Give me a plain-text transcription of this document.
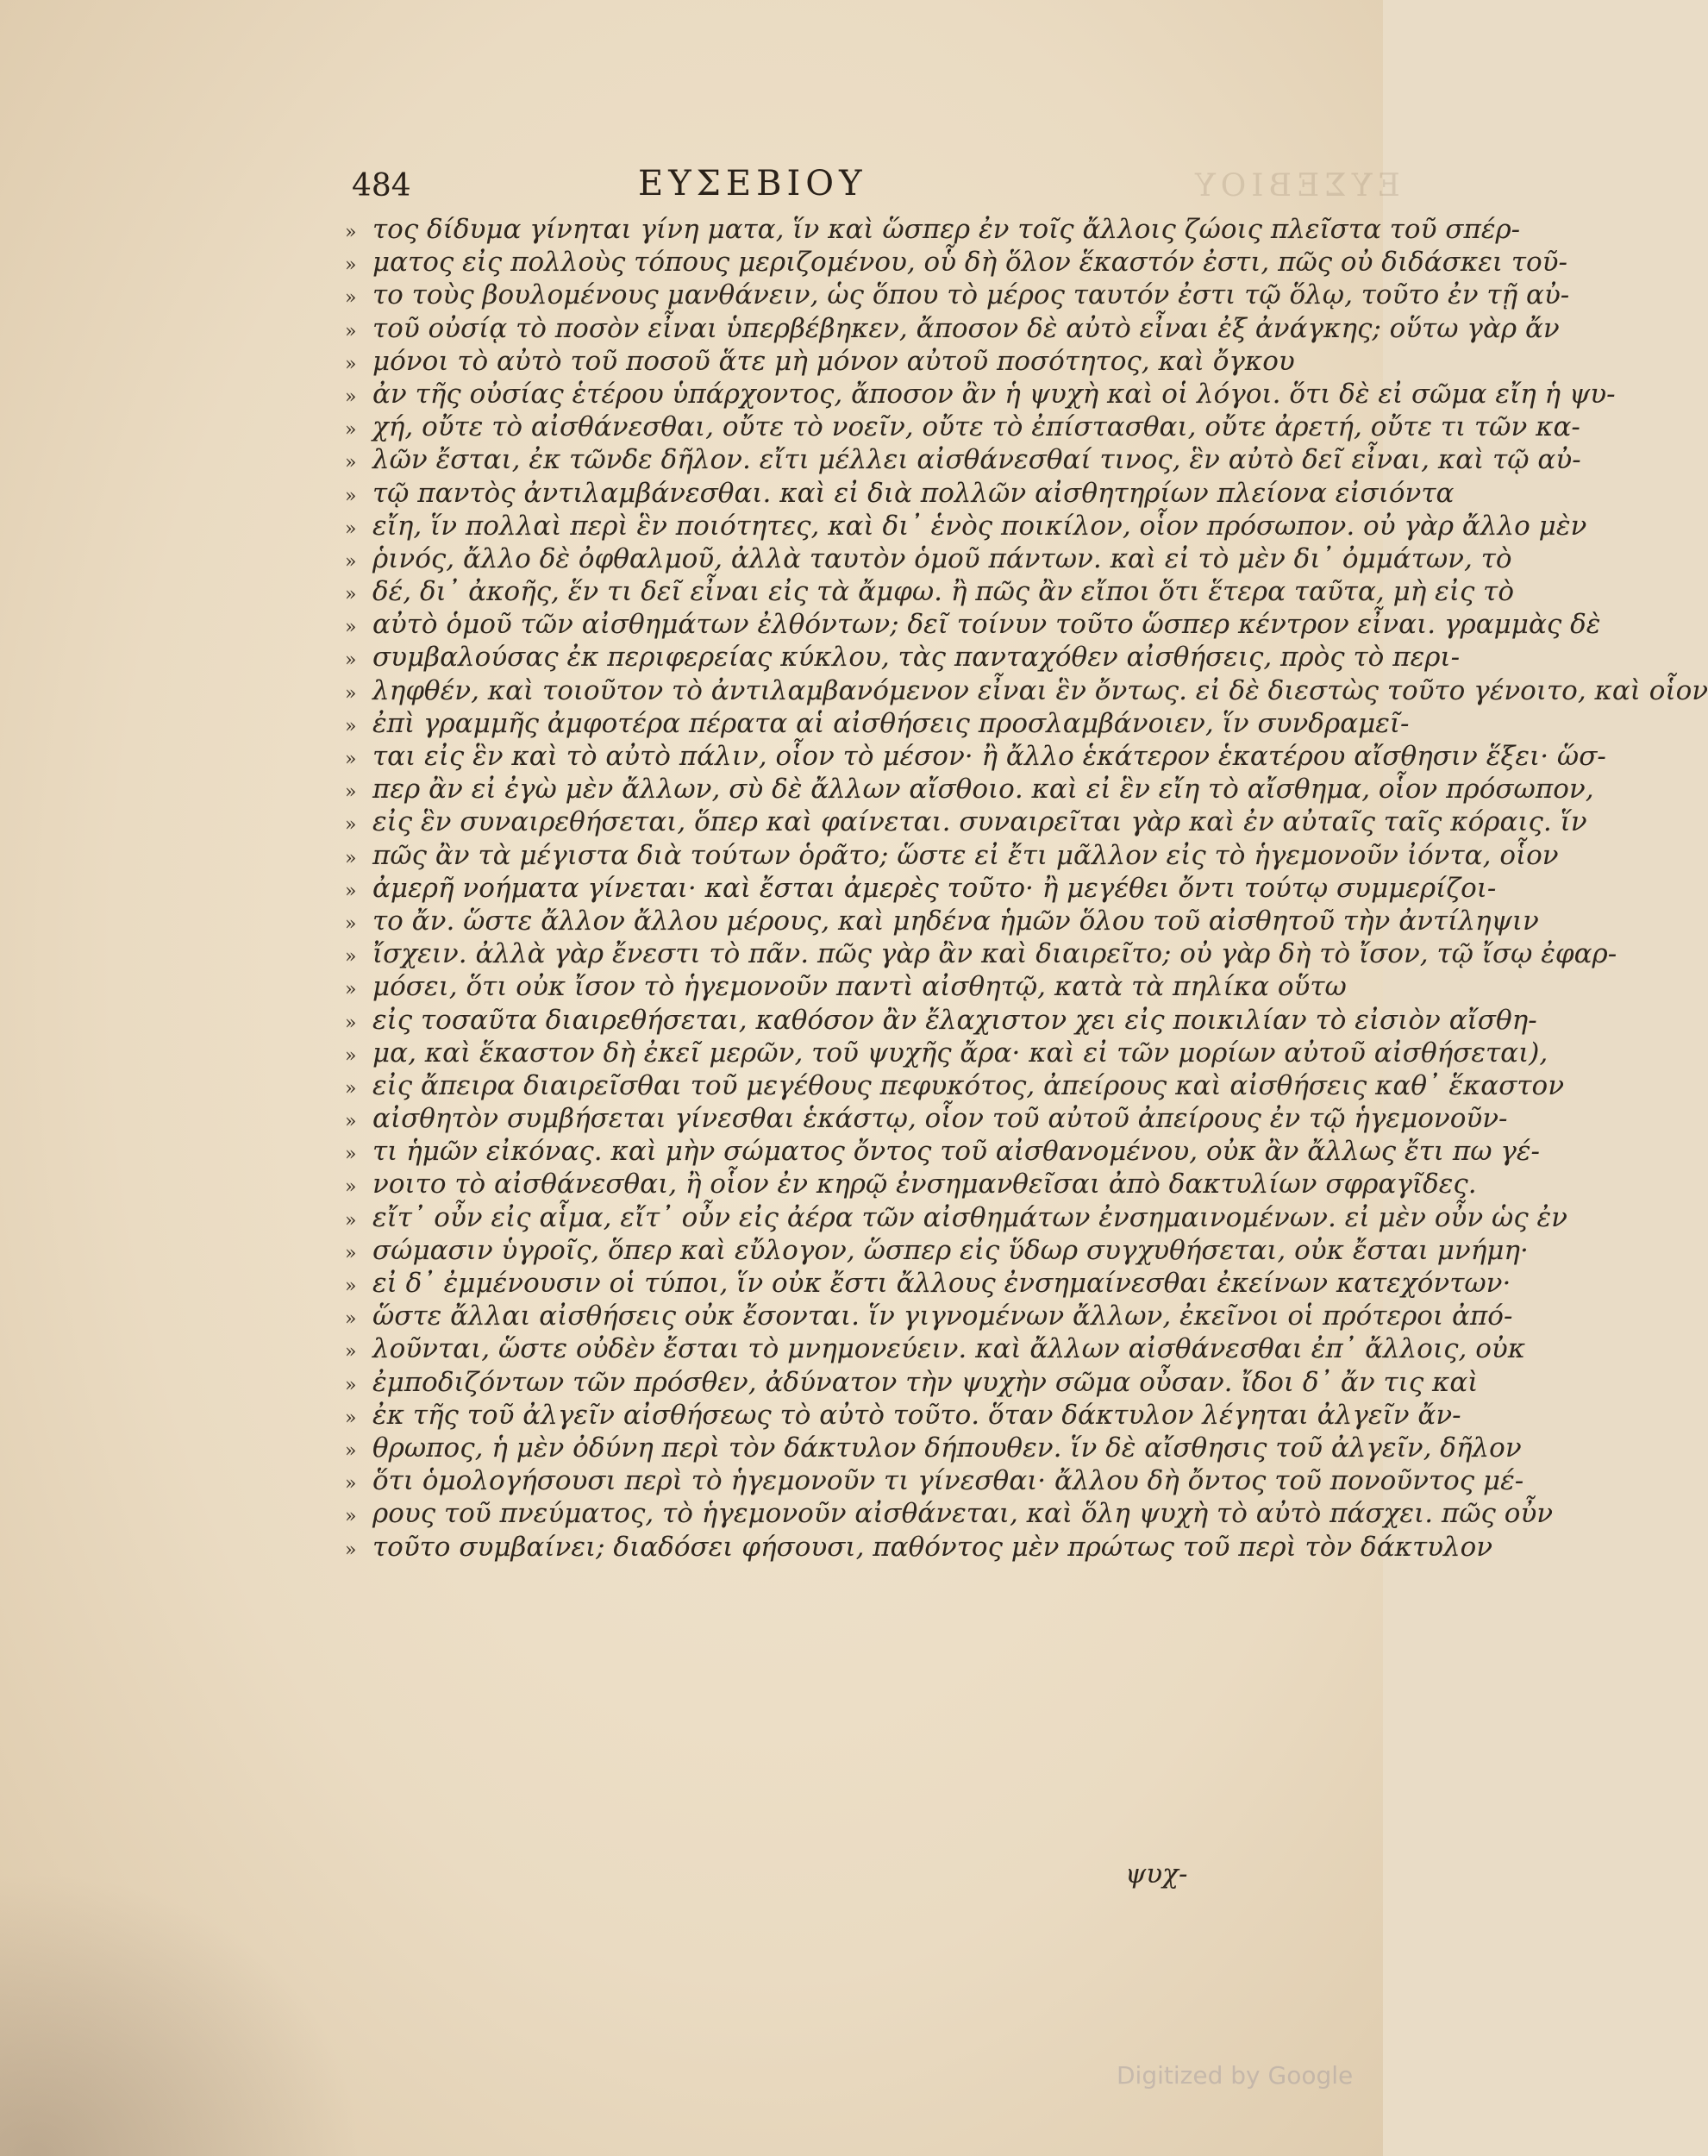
ΕΥΣΕΒΙΟΥ
484	ΕΥΣΕΒΙΟΥ
» τος δίδυμα γίνηται γίνη ματα, ἵν καὶ ὥσπερ ἐν τοῖς ἄλλοις ζώοις πλεῖστα τοῦ σπέρ-
» ματος εἰς πολλοὺς τόπους μεριζομένου, οὗ δὴ ὅλον ἕκαστόν ἐστι, πῶς οὐ διδάσκει τοῦ-
» το τοὺς βουλομένους μανθάνειν, ὡς ὅπου τὸ μέρος ταυτόν ἐστι τῷ ὅλῳ, τοῦτο ἐν τῇ αὐ-
» τοῦ οὐσίᾳ τὸ ποσὸν εἶναι ὑπερβέβηκεν, ἄποσον δὲ αὐτὸ εἶναι ἐξ ἀνάγκης; οὕτω γὰρ ἄν
» μόνοι τὸ αὐτὸ τοῦ ποσοῦ ἅτε μὴ μόνον αὐτοῦ ποσότητος, καὶ ὄγκου
» ἀν τῆς οὐσίας ἑτέρου ὑπάρχοντος, ἄποσον ἂν ἡ ψυχὴ καὶ οἱ λόγοι. ὅτι δὲ εἰ σῶμα εἴη ἡ ψυ-
» χή, οὔτε τὸ αἰσθάνεσθαι, οὔτε τὸ νοεῖν, οὔτε τὸ ἐπίστασθαι, οὔτε ἀρετή, οὔτε τι τῶν κα-
» λῶν ἔσται, ἐκ τῶνδε δῆλον. εἴτι μέλλει αἰσθάνεσθαί τινος, ἓν αὐτὸ δεῖ εἶναι, καὶ τῷ αὐ-
» τῷ παντὸς ἀντιλαμβάνεσθαι. καὶ εἰ διὰ πολλῶν αἰσθητηρίων πλείονα εἰσιόντα
» εἴη, ἵν πολλαὶ περὶ ἓν ποιότητες, καὶ δι᾽ ἑνὸς ποικίλον, οἷον πρόσωπον. οὐ γὰρ ἄλλο μὲν
» ῥινός, ἄλλο δὲ ὀφθαλμοῦ, ἀλλὰ ταυτὸν ὁμοῦ πάντων. καὶ εἰ τὸ μὲν δι᾽ ὀμμάτων, τὸ
» δέ, δι᾽ ἀκοῆς, ἕν τι δεῖ εἶναι εἰς τὰ ἄμφω. ἢ πῶς ἂν εἴποι ὅτι ἕτερα ταῦτα, μὴ εἰς τὸ
» αὐτὸ ὁμοῦ τῶν αἰσθημάτων ἐλθόντων; δεῖ τοίνυν τοῦτο ὥσπερ κέντρον εἶναι. γραμμὰς δὲ
» συμβαλούσας ἐκ περιφερείας κύκλου, τὰς πανταχόθεν αἰσθήσεις, πρὸς τὸ περι-
» ληφθέν, καὶ τοιοῦτον τὸ ἀντιλαμβανόμενον εἶναι ἓν ὄντως. εἰ δὲ διεστὼς τοῦτο γένοιτο, καὶ οἷον
» ἐπὶ γραμμῆς ἀμφοτέρα πέρατα αἱ αἰσθήσεις προσλαμβάνοιεν, ἵν συνδραμεῖ-
» ται εἰς ἓν καὶ τὸ αὐτὸ πάλιν, οἷον τὸ μέσον· ἢ ἄλλο ἑκάτερον ἑκατέρου αἴσθησιν ἕξει· ὥσ-
» περ ἂν εἰ ἐγὼ μὲν ἄλλων, σὺ δὲ ἄλλων αἴσθοιο. καὶ εἰ ἓν εἴη τὸ αἴσθημα, οἷον πρόσωπον,
» εἰς ἓν συναιρεθήσεται, ὅπερ καὶ φαίνεται. συναιρεῖται γὰρ καὶ ἐν αὐταῖς ταῖς κόραις. ἵν
» πῶς ἂν τὰ μέγιστα διὰ τούτων ὁρᾶτο; ὥστε εἰ ἔτι μᾶλλον εἰς τὸ ἡγεμονοῦν ἰόντα, οἷον
» ἀμερῆ νοήματα γίνεται· καὶ ἔσται ἀμερὲς τοῦτο· ἢ μεγέθει ὄντι τούτῳ συμμερίζοι-
» το ἄν. ὥστε ἄλλον ἄλλου μέρους, καὶ μηδένα ἡμῶν ὅλου τοῦ αἰσθητοῦ τὴν ἀντίληψιν
» ἴσχειν. ἀλλὰ γὰρ ἔνεστι τὸ πᾶν. πῶς γὰρ ἂν καὶ διαιρεῖτο; οὐ γὰρ δὴ τὸ ἴσον, τῷ ἴσῳ ἐφαρ-
» μόσει, ὅτι οὐκ ἴσον τὸ ἡγεμονοῦν παντὶ αἰσθητῷ, κατὰ τὰ πηλίκα οὕτω
» εἰς τοσαῦτα διαιρεθήσεται, καθόσον ἂν ἔλαχιστον χει εἰς ποικιλίαν τὸ εἰσιὸν αἴσθη-
» μα, καὶ ἕκαστον δὴ ἐκεῖ μερῶν, τοῦ ψυχῆς ἄρα· καὶ εἰ τῶν μορίων αὐτοῦ αἰσθήσεται),
» εἰς ἄπειρα διαιρεῖσθαι τοῦ μεγέθους πεφυκότος, ἀπείρους καὶ αἰσθήσεις καθ᾽ ἕκαστον
» αἰσθητὸν συμβήσεται γίνεσθαι ἑκάστῳ, οἷον τοῦ αὐτοῦ ἀπείρους ἐν τῷ ἡγεμονοῦν-
» τι ἡμῶν εἰκόνας. καὶ μὴν σώματος ὄντος τοῦ αἰσθανομένου, οὐκ ἂν ἄλλως ἔτι πω γέ-
» νοιτο τὸ αἰσθάνεσθαι, ἢ οἷον ἐν κηρῷ ἐνσημανθεῖσαι ἀπὸ δακτυλίων σφραγῖδες.
» εἴτ᾽ οὖν εἰς αἷμα, εἴτ᾽ οὖν εἰς ἀέρα τῶν αἰσθημάτων ἐνσημαινομένων. εἰ μὲν οὖν ὡς ἐν
» σώμασιν ὑγροῖς, ὅπερ καὶ εὔλογον, ὥσπερ εἰς ὕδωρ συγχυθήσεται, οὐκ ἔσται μνήμη·
» εἰ δ᾽ ἐμμένουσιν οἱ τύποι, ἵν οὐκ ἔστι ἄλλους ἐνσημαίνεσθαι ἐκείνων κατεχόντων·
» ὥστε ἄλλαι αἰσθήσεις οὐκ ἔσονται. ἵν γιγνομένων ἄλλων, ἐκεῖνοι οἱ πρότεροι ἀπό-
» λοῦνται, ὥστε οὐδὲν ἔσται τὸ μνημονεύειν. καὶ ἄλλων αἰσθάνεσθαι ἐπ᾽ ἄλλοις, οὐκ
» ἐμποδιζόντων τῶν πρόσθεν, ἀδύνατον τὴν ψυχὴν σῶμα οὖσαν. ἴδοι δ᾽ ἄν τις καὶ
» ἐκ τῆς τοῦ ἀλγεῖν αἰσθήσεως τὸ αὐτὸ τοῦτο. ὅταν δάκτυλον λέγηται ἀλγεῖν ἄν-
» θρωπος, ἡ μὲν ὀδύνη περὶ τὸν δάκτυλον δήπουθεν. ἵν δὲ αἴσθησις τοῦ ἀλγεῖν, δῆλον
» ὅτι ὁμολογήσουσι περὶ τὸ ἡγεμονοῦν τι γίνεσθαι· ἄλλου δὴ ὄντος τοῦ πονοῦντος μέ-
» ρους τοῦ πνεύματος, τὸ ἡγεμονοῦν αἰσθάνεται, καὶ ὅλη ψυχὴ τὸ αὐτὸ πάσχει. πῶς οὖν
» τοῦτο συμβαίνει; διαδόσει φήσουσι, παθόντος μὲν πρώτως τοῦ περὶ τὸν δάκτυλον
ψυχ-
Digitized by Google
